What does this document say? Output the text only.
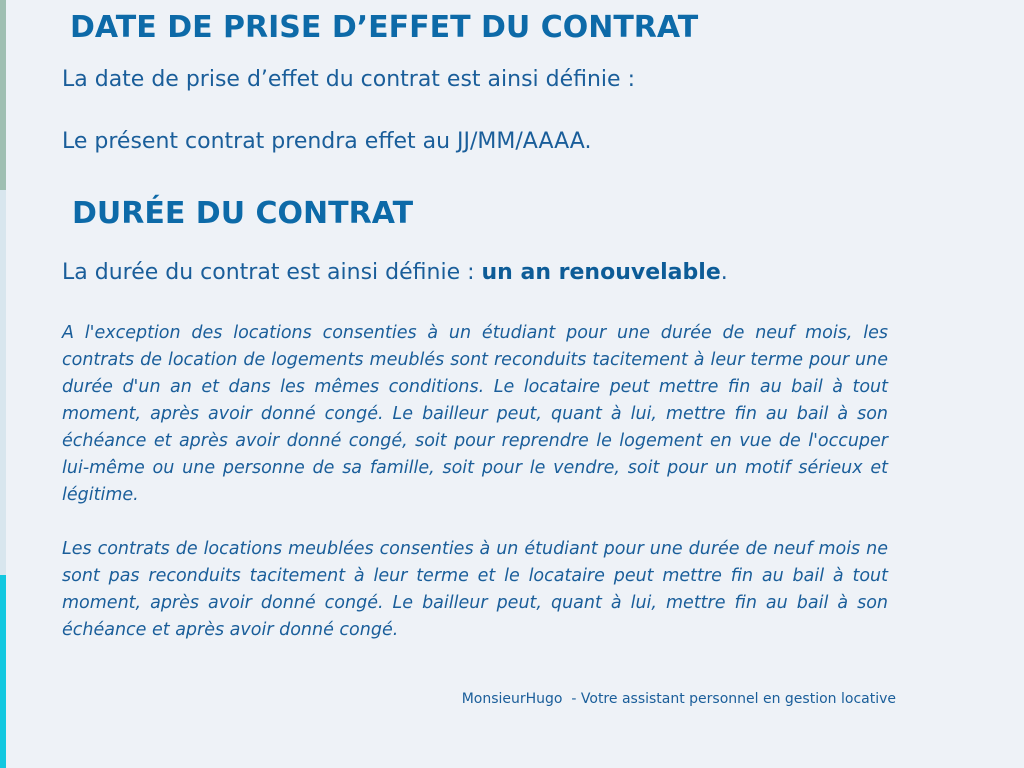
DATE DE PRISE D’EFFET DU CONTRAT

La date de prise d’effet du contrat est ainsi définie :

Le présent contrat prendra effet au JJ/MM/AAAA.

DURÉE DU CONTRAT

La durée du contrat est ainsi définie : un an renouvelable.

A l'exception des locations consenties à un étudiant pour une durée de neuf mois, les contrats de location de logements meublés sont reconduits tacitement à leur terme pour une durée d'un an et dans les mêmes conditions. Le locataire peut mettre fin au bail à tout moment, après avoir donné congé. Le bailleur peut, quant à lui, mettre fin au bail à son échéance et après avoir donné congé, soit pour reprendre le logement en vue de l'occuper lui-même ou une personne de sa famille, soit pour le vendre, soit pour un motif sérieux et légitime.

Les contrats de locations meublées consenties à un étudiant pour une durée de neuf mois ne sont pas reconduits tacitement à leur terme et le locataire peut mettre fin au bail à tout moment, après avoir donné congé. Le bailleur peut, quant à lui, mettre fin au bail à son échéance et après avoir donné congé.

MonsieurHugo  - Votre assistant personnel en gestion locative
